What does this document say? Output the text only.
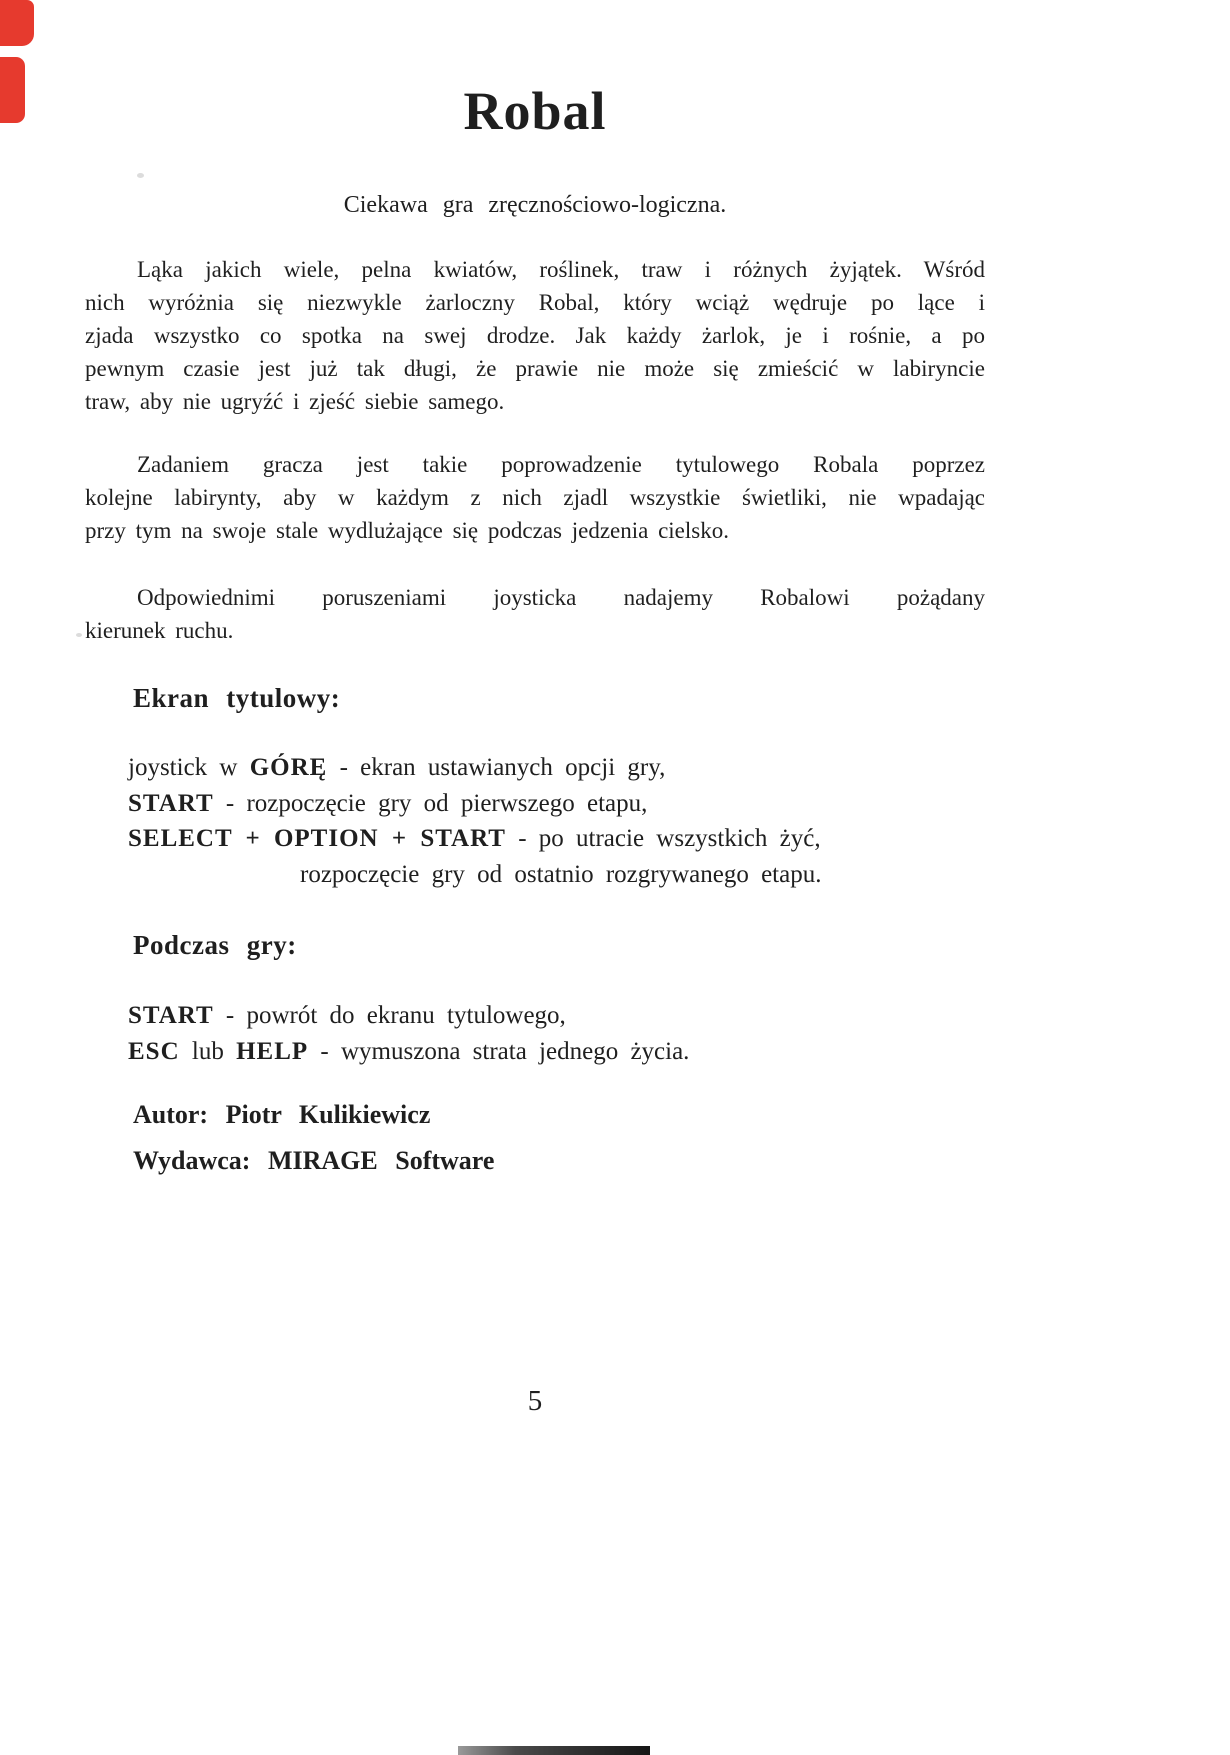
Robal
Ciekawa gra zręcznościowo-logiczna.
Ląka jakich wiele, pelna kwiatów, roślinek, traw i różnych żyjątek. Wśród
nich wyróżnia się niezwykle żarloczny Robal, który wciąż wędruje po lące i
zjada wszystko co spotka na swej drodze. Jak każdy żarlok, je i rośnie, a po
pewnym czasie jest już tak długi, że prawie nie może się zmieścić w labiryncie
traw, aby nie ugryźć i zjeść siebie samego.
Zadaniem gracza jest takie poprowadzenie tytulowego Robala poprzez
kolejne labirynty, aby w każdym z nich zjadl wszystkie świetliki, nie wpadając
przy tym na swoje stale wydlużające się podczas jedzenia cielsko.
Odpowiednimi poruszeniami joysticka nadajemy Robalowi pożądany
kierunek ruchu.
Ekran tytulowy:
joystick w GÓRĘ - ekran ustawianych opcji gry,
START - rozpoczęcie gry od pierwszego etapu,
SELECT + OPTION + START - po utracie wszystkich żyć,
rozpoczęcie gry od ostatnio rozgrywanego etapu.
Podczas gry:
START - powrót do ekranu tytulowego,
ESC lub HELP - wymuszona strata jednego życia.
Autor: Piotr Kulikiewicz
Wydawca: MIRAGE Software
5
